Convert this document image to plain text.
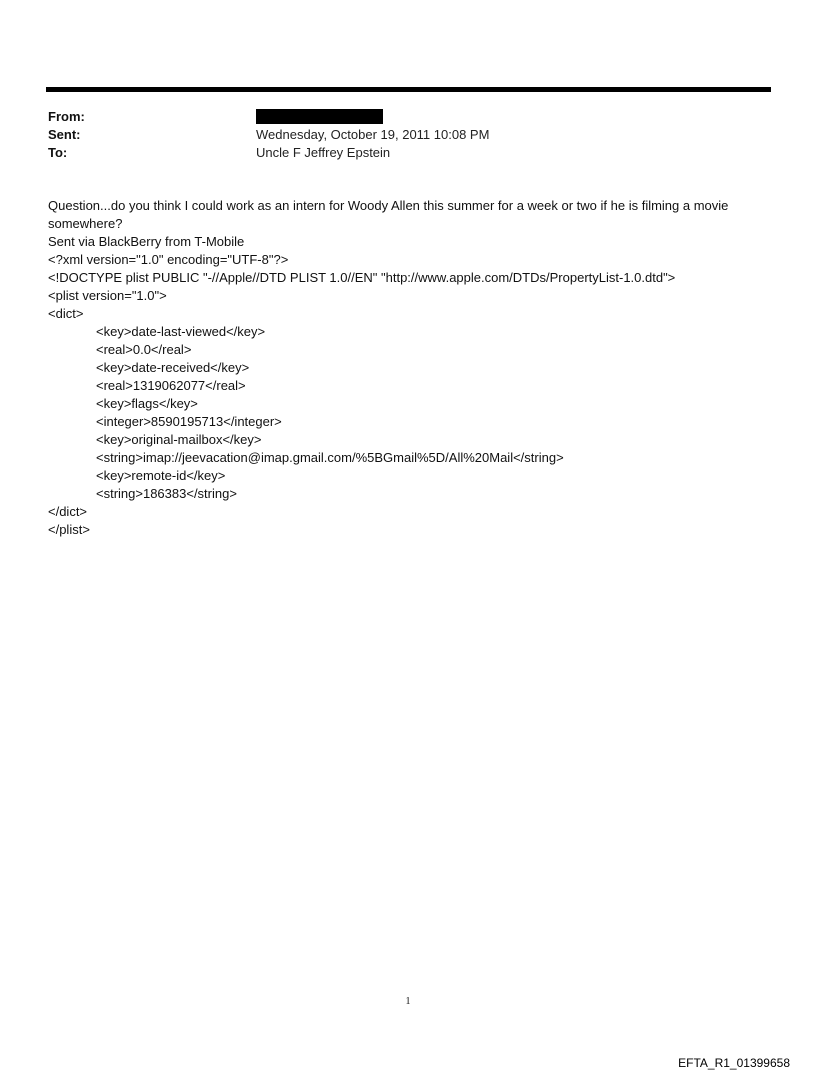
From:
Sent:	Wednesday, October 19, 2011 10:08 PM
To:	Uncle F Jeffrey Epstein

Question...do you think I could work as an intern for Woody Allen this summer for a week or two if he is filming a movie somewhere?

Sent via BlackBerry from T-Mobile

<?xml version="1.0" encoding="UTF-8"?>

<!DOCTYPE plist PUBLIC "-//Apple//DTD PLIST 1.0//EN" "http://www.apple.com/DTDs/PropertyList-1.0.dtd">

<plist version="1.0">

<dict>

<key>date-last-viewed</key>

<real>0.0</real>

<key>date-received</key>

<real>1319062077</real>

<key>flags</key>

<integer>8590195713</integer>

<key>original-mailbox</key>

<string>imap://jeevacation@imap.gmail.com/%5BGmail%5D/All%20Mail</string>

<key>remote-id</key>

<string>186383</string>

</dict>

</plist>

1
EFTA_R1_01399658
